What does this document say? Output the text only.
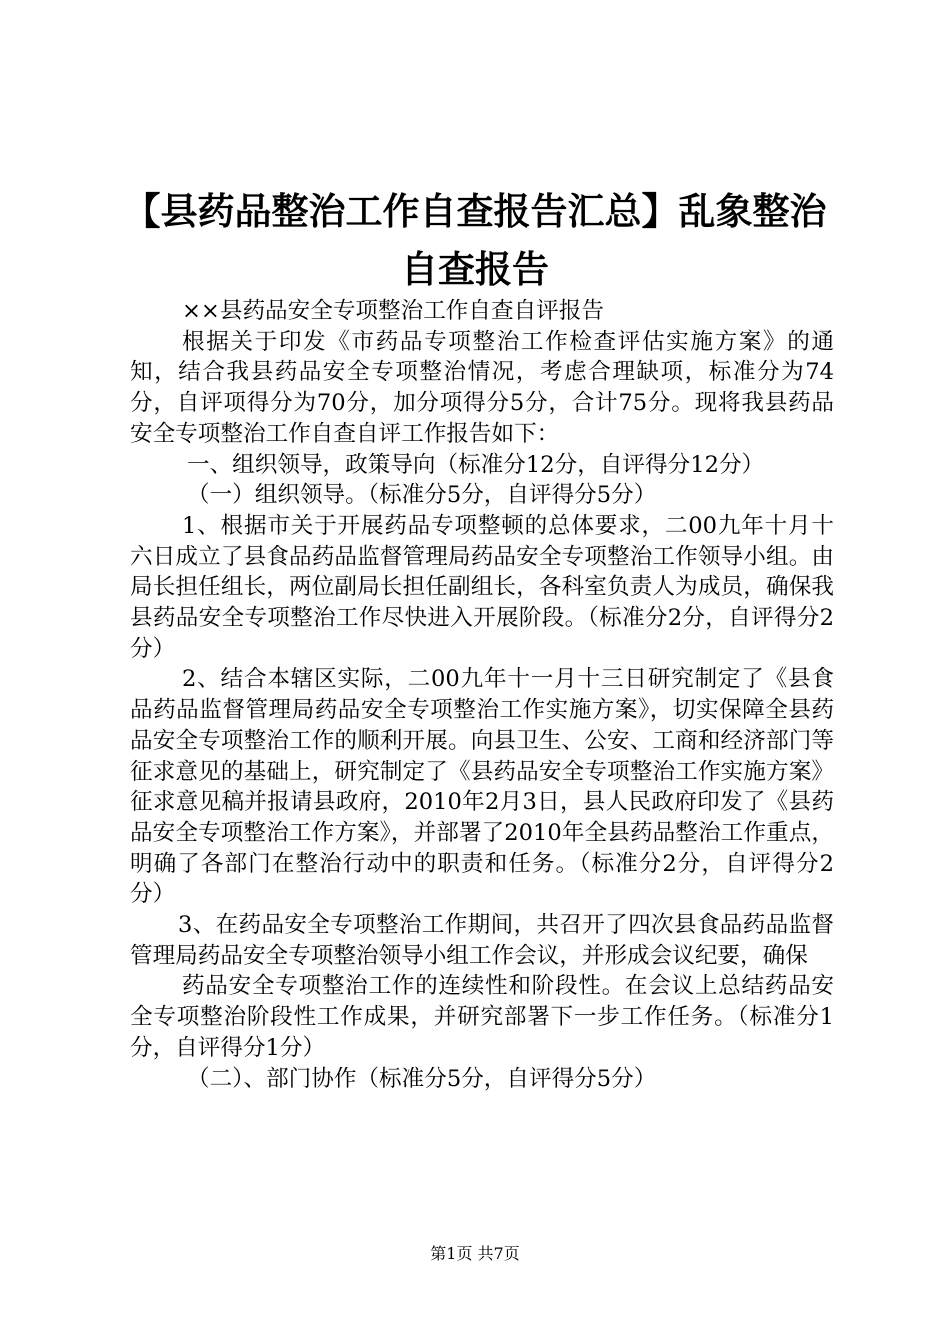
【县药品整治工作自查报告汇总】乱象整治自查报告

××县药品安全专项整治工作自查自评报告

根据关于印发《市药品专项整治工作检查评估实施方案》的通知，结合我县药品安全专项整治情况，考虑合理缺项，标准分为74分，自评项得分为70分，加分项得分5分，合计75分。现将我县药品安全专项整治工作自查自评工作报告如下：

一、组织领导，政策导向（标准分12分，自评得分12分）

（一）组织领导。（标准分5分，自评得分5分）

1、根据市关于开展药品专项整顿的总体要求，二00九年十月十六日成立了县食品药品监督管理局药品安全专项整治工作领导小组。由局长担任组长，两位副局长担任副组长，各科室负责人为成员，确保我县药品安全专项整治工作尽快进入开展阶段。（标准分2分，自评得分2分）

2、结合本辖区实际，二00九年十一月十三日研究制定了《县食品药品监督管理局药品安全专项整治工作实施方案》，切实保障全县药品安全专项整治工作的顺利开展。向县卫生、公安、工商和经济部门等征求意见的基础上，研究制定了《县药品安全专项整治工作实施方案》征求意见稿并报请县政府，2010年2月3日，县人民政府印发了《县药品安全专项整治工作方案》，并部署了2010年全县药品整治工作重点，明确了各部门在整治行动中的职责和任务。（标准分2分，自评得分2分）

3、在药品安全专项整治工作期间，共召开了四次县食品药品监督管理局药品安全专项整治领导小组工作会议，并形成会议纪要，确保

药品安全专项整治工作的连续性和阶段性。在会议上总结药品安全专项整治阶段性工作成果，并研究部署下一步工作任务。（标准分1分，自评得分1分）

（二）、部门协作（标准分5分，自评得分5分）

第1页 共7页
